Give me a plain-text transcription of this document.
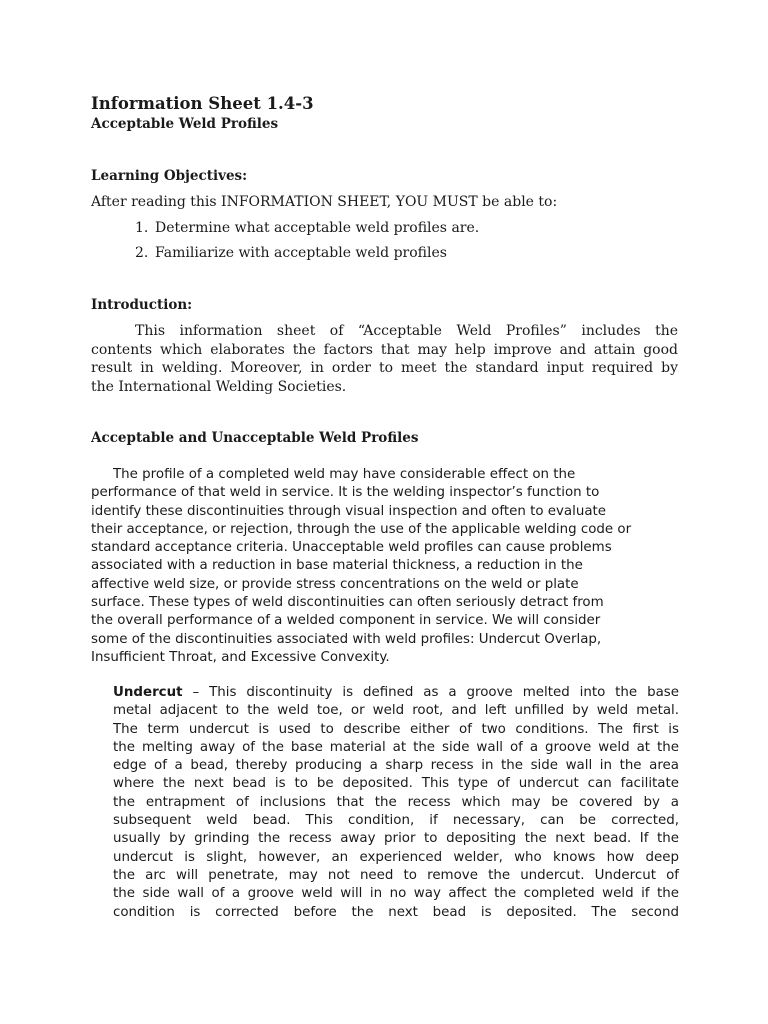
Information Sheet 1.4-3
Acceptable Weld Profiles
Learning Objectives:

After reading this INFORMATION SHEET, YOU MUST be able to:

1. Determine what acceptable weld profiles are.

2. Familiarize with acceptable weld profiles

Introduction:
This information sheet of “Acceptable Weld Profiles” includes the
contents which elaborates the factors that may help improve and attain good
result in welding. Moreover, in order to meet the standard input required by
the International Welding Societies.
Acceptable and Unacceptable Weld Profiles
The profile of a completed weld may have considerable effect on the
performance of that weld in service. It is the welding inspector’s function to
identify these discontinuities through visual inspection and often to evaluate
their acceptance, or rejection, through the use of the applicable welding code or
standard acceptance criteria. Unacceptable weld profiles can cause problems
associated with a reduction in base material thickness, a reduction in the
affective weld size, or provide stress concentrations on the weld or plate
surface. These types of weld discontinuities can often seriously detract from
the overall performance of a welded component in service. We will consider
some of the discontinuities associated with weld profiles: Undercut Overlap,
Insufficient Throat, and Excessive Convexity.
Undercut – This discontinuity is defined as a groove melted into the base
metal adjacent to the weld toe, or weld root, and left unfilled by weld metal.
The term undercut is used to describe either of two conditions. The first is
the melting away of the base material at the side wall of a groove weld at the
edge of a bead, thereby producing a sharp recess in the side wall in the area
where the next bead is to be deposited. This type of undercut can facilitate
the entrapment of inclusions that the recess which may be covered by a
subsequent weld bead. This condition, if necessary, can be corrected,
usually by grinding the recess away prior to depositing the next bead. If the
undercut is slight, however, an experienced welder, who knows how deep
the arc will penetrate, may not need to remove the undercut. Undercut of
the side wall of a groove weld will in no way affect the completed weld if the
condition is corrected before the next bead is deposited. The second
